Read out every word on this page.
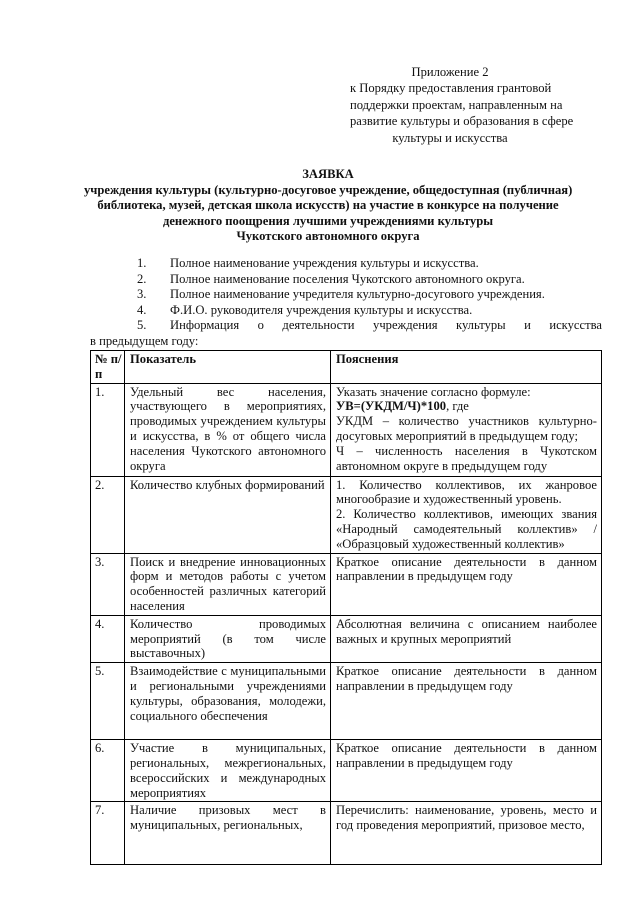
Приложение 2
к Порядку предоставления грантовой
поддержки проектам, направленным на
развитие культуры и образования в сфере
культуры и искусства
ЗАЯВКА
учреждения культуры (культурно-досуговое учреждение, общедоступная (публичная)
библиотека, музей, детская школа искусств) на участие в конкурсе на получение
денежного поощрения лучшими учреждениями культуры
Чукотского автономного округа
1. Полное наименование учреждения культуры и искусства.
2. Полное наименование поселения Чукотского автономного округа.
3. Полное наименование учредителя культурно-досугового учреждения.
4. Ф.И.О. руководителя учреждения культуры и искусства.
5. Информация о деятельности учреждения культуры и искусства
в предыдущем году:
№ п/п	Показатель	Пояснения
1.	Удельный вес населения, участвующего в мероприятиях, проводимых учреждением культуры и искусства, в % от общего числа населения Чукотского автономного округа	Указать значение согласно формуле:
УВ=(УКДМ/Ч)*100, где
УКДМ – количество участников культурно-досуговых мероприятий в предыдущем году;
Ч – численность населения в Чукотском автономном округе в предыдущем году

2.	Количество клубных формирований	1. Количество коллективов, их жанровое многообразие и художественный уровень.
2. Количество коллективов, имеющих звания «Народный самодеятельный коллектив» / «Образцовый художественный коллектив»

3.	Поиск и внедрение инновационных форм и методов работы с учетом особенностей различных категорий населения	Краткое описание деятельности в данном направлении в предыдущем году
4.	Количество проводимых мероприятий (в том числе выставочных)	Абсолютная величина с описанием наиболее важных и крупных мероприятий
5.	Взаимодействие с муниципальными и региональными учреждениями культуры, образования, молодежи, социального обеспечения	Краткое описание деятельности в данном направлении в предыдущем году
6.	Участие в муниципальных, региональных, межрегиональных, всероссийских и международных мероприятиях	Краткое описание деятельности в данном направлении в предыдущем году
7.	Наличие призовых мест в муниципальных, региональных,	Перечислить: наименование, уровень, место и год проведения мероприятий, призовое место,
